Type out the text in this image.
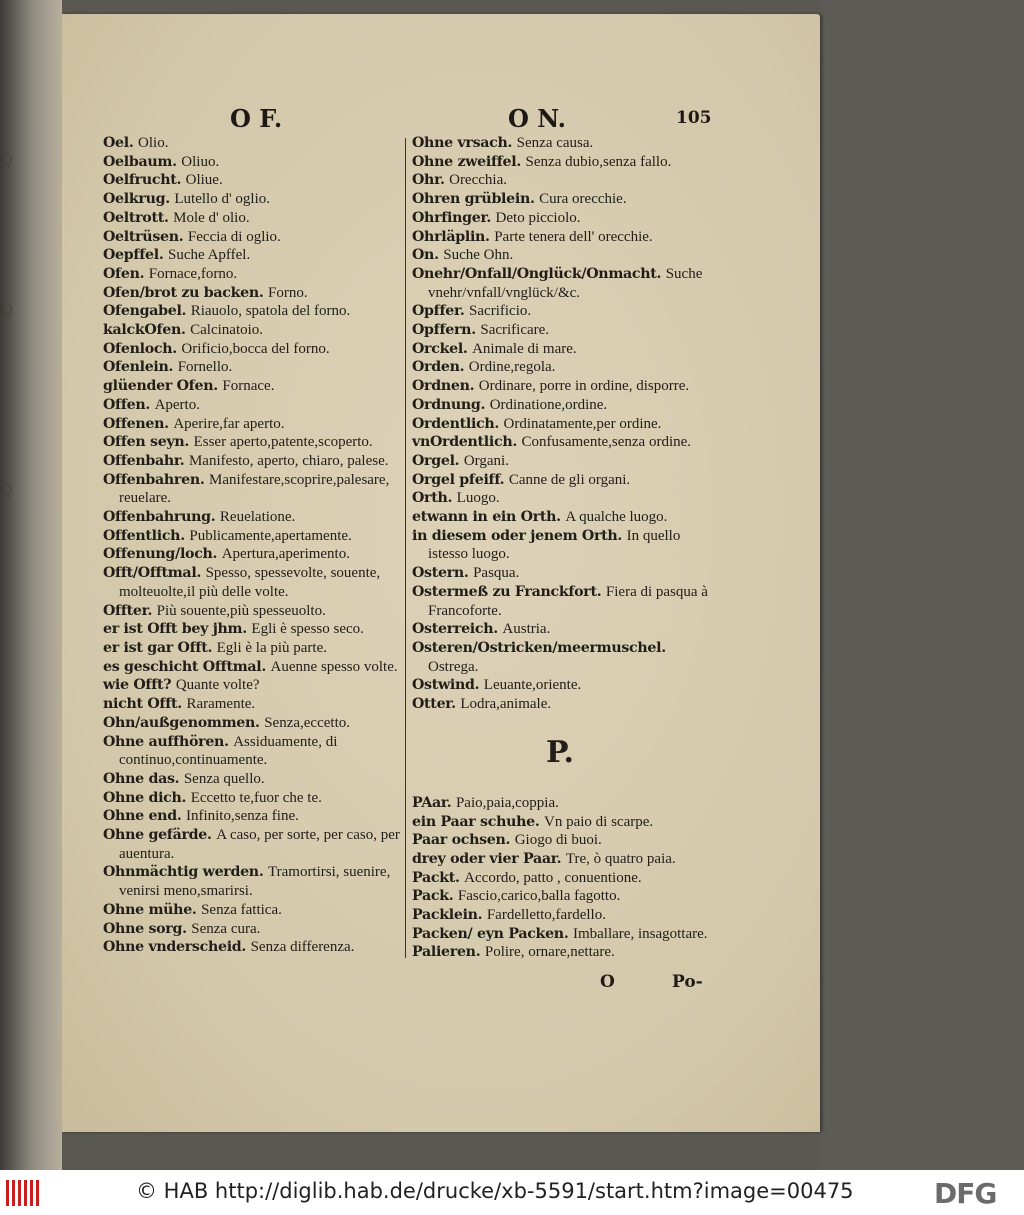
Q
Q
Q
O F.	O N.	105

Oel. Olio.

Oelbaum. Oliuo.

Oelfrucht. Oliue.

Oelkrug. Lutello d' oglio.

Oeltrott. Mole d' olio.

Oeltrüsen. Feccia di oglio.

Oepffel. Suche Apffel.

Ofen. Fornace,forno.

Ofen/brot zu backen. Forno.

Ofengabel. Riauolo, spatola del forno.

kalckOfen. Calcinatoio.

Ofenloch. Orificio,bocca del forno.

Ofenlein. Fornello.

glüender Ofen. Fornace.

Offen. Aperto.

Offenen. Aperire,far aperto.

Offen seyn. Esser aperto,patente,scoperto.

Offenbahr. Manifesto, aperto, chiaro, palese.

Offenbahren. Manifestare,scoprire,palesare, reuelare.

Offenbahrung. Reuelatione.

Offentlich. Publicamente,apertamente.

Offenung/loch. Apertura,aperimento.

Offt/Offtmal. Spesso, spessevolte, souente, molteuolte,il più delle volte.

Offter. Più souente,più spesseuolto.

er ist Offt bey jhm. Egli è spesso seco.

er ist gar Offt. Egli è la più parte.

es geschicht Offtmal. Auenne spesso volte.

wie Offt? Quante volte?

nicht Offt. Raramente.

Ohn/außgenommen. Senza,eccetto.

Ohne auffhören. Assiduamente, di continuo,continuamente.

Ohne das. Senza quello.

Ohne dich. Eccetto te,fuor che te.

Ohne end. Infinito,senza fine.

Ohne gefärde. A caso, per sorte, per caso, per auentura.

Ohnmächtig werden. Tramortirsi, suenire, venirsi meno,smarirsi.

Ohne mühe. Senza fattica.

Ohne sorg. Senza cura.

Ohne vnderscheid. Senza differenza.

Ohne vrsach. Senza causa.

Ohne zweiffel. Senza dubio,senza fallo.

Ohr. Orecchia.

Ohren grüblein. Cura orecchie.

Ohrfinger. Deto picciolo.

Ohrläplin. Parte tenera dell' orecchie.

On. Suche Ohn.

Onehr/Onfall/Onglück/Onmacht. Suche vnehr/vnfall/vnglück/&c.

Opffer. Sacrificio.

Opffern. Sacrificare.

Orckel. Animale di mare.

Orden. Ordine,regola.

Ordnen. Ordinare, porre in ordine, disporre.

Ordnung. Ordinatione,ordine.

Ordentlich. Ordinatamente,per ordine.

vnOrdentlich. Confusamente,senza ordine.

Orgel. Organi.

Orgel pfeiff. Canne de gli organi.

Orth. Luogo.

etwann in ein Orth. A qualche luogo.

in diesem oder jenem Orth. In quello istesso luogo.

Ostern. Pasqua.

Ostermeß zu Franckfort. Fiera di pasqua à Francoforte.

Osterreich. Austria.

Osteren/Ostricken/meermuschel. Ostrega.

Ostwind. Leuante,oriente.

Otter. Lodra,animale.

P.

PAar. Paio,paia,coppia.

ein Paar schuhe. Vn paio di scarpe.

Paar ochsen. Giogo di buoi.

drey oder vier Paar. Tre, ò quatro paia.

Packt. Accordo, patto , conuentione.

Pack. Fascio,carico,balla fagotto.

Packlein. Fardelletto,fardello.

Packen/ eyn Packen. Imballare, insagottare.

Palieren. Polire, ornare,nettare.

O	Po-
© HAB http://diglib.hab.de/drucke/xb-5591/start.htm?image=00475	DFG
